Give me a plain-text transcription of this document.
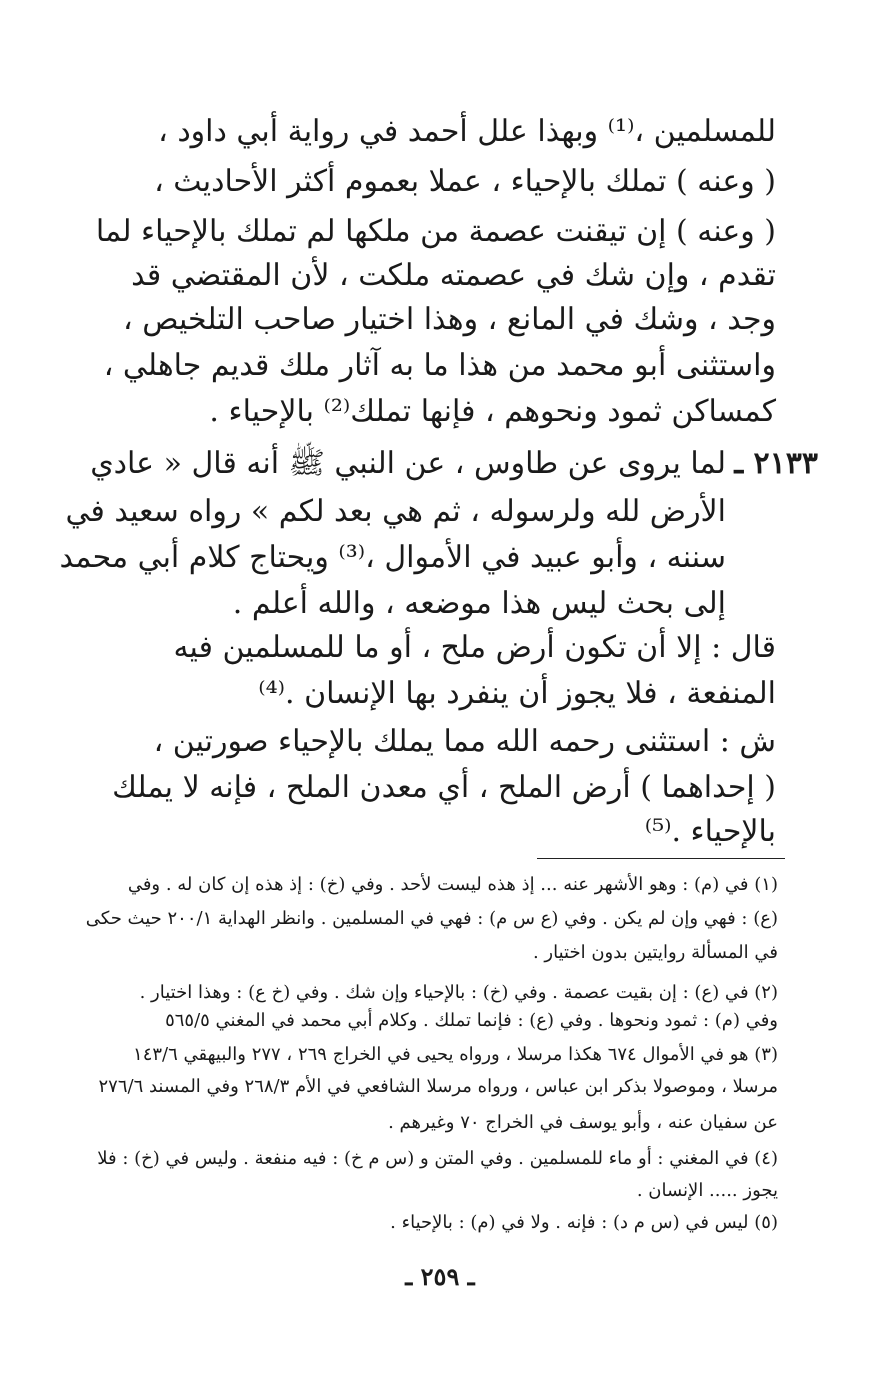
للمسلمين ،⁽¹⁾ وبهذا علل أحمد في رواية أبي داود ،
( وعنه ) تملك بالإحياء ، عملا بعموم أكثر الأحاديث ،
( وعنه ) إن تيقنت عصمة من ملكها لم تملك بالإحياء لما
تقدم ، وإن شك في عصمته ملكت ، لأن المقتضي قد
وجد ، وشك في المانع ، وهذا اختيار صاحب التلخيص ،
واستثنى أبو محمد من هذا ما به آثار ملك قديم جاهلي ،
كمساكن ثمود ونحوهم ، فإنها تملك⁽²⁾ بالإحياء .
٢١٣٣ ـ
لما يروى عن طاوس ، عن النبي ﷺ أنه قال « عادي
الأرض لله ولرسوله ، ثم هي بعد لكم » رواه سعيد في
سننه ، وأبو عبيد في الأموال ،⁽³⁾ ويحتاج كلام أبي محمد
إلى بحث ليس هذا موضعه ، والله أعلم .
قال : إلا أن تكون أرض ملح ، أو ما للمسلمين فيه
المنفعة ، فلا يجوز أن ينفرد بها الإنسان .⁽⁴⁾
ش : استثنى رحمه الله مما يملك بالإحياء صورتين ،
( إحداهما ) أرض الملح ، أي معدن الملح ، فإنه لا يملك
بالإحياء .⁽⁵⁾
(١) في (م) : وهو الأشهر عنه ... إذ هذه ليست لأحد . وفي (خ) : إذ هذه إن كان له . وفي
(ع) : فهي وإن لم يكن . وفي (ع س م) : فهي في المسلمين . وانظر الهداية ٢٠٠/١ حيث حكى
في المسألة روايتين بدون اختيار .
(٢) في (ع) : إن بقيت عصمة . وفي (خ) : بالإحياء وإن شك . وفي (خ ع) : وهذا اختيار .
وفي (م) : ثمود ونحوها . وفي (ع) : فإنما تملك . وكلام أبي محمد في المغني ٥٦٥/٥
(٣) هو في الأموال ٦٧٤ هكذا مرسلا ، ورواه يحيى في الخراج ٢٦٩ ، ٢٧٧ والبيهقي ١٤٣/٦
مرسلا ، وموصولا بذكر ابن عباس ، ورواه مرسلا الشافعي في الأم ٢٦٨/٣ وفي المسند ٢٧٦/٦
عن سفيان عنه ، وأبو يوسف في الخراج ٧٠ وغيرهم .
(٤) في المغني : أو ماء للمسلمين . وفي المتن و (س م خ) : فيه منفعة . وليس في (خ) : فلا
يجوز ..... الإنسان .
(٥) ليس في (س م د) : فإنه . ولا في (م) : بالإحياء .
ـ ٢٥٩ ـ
